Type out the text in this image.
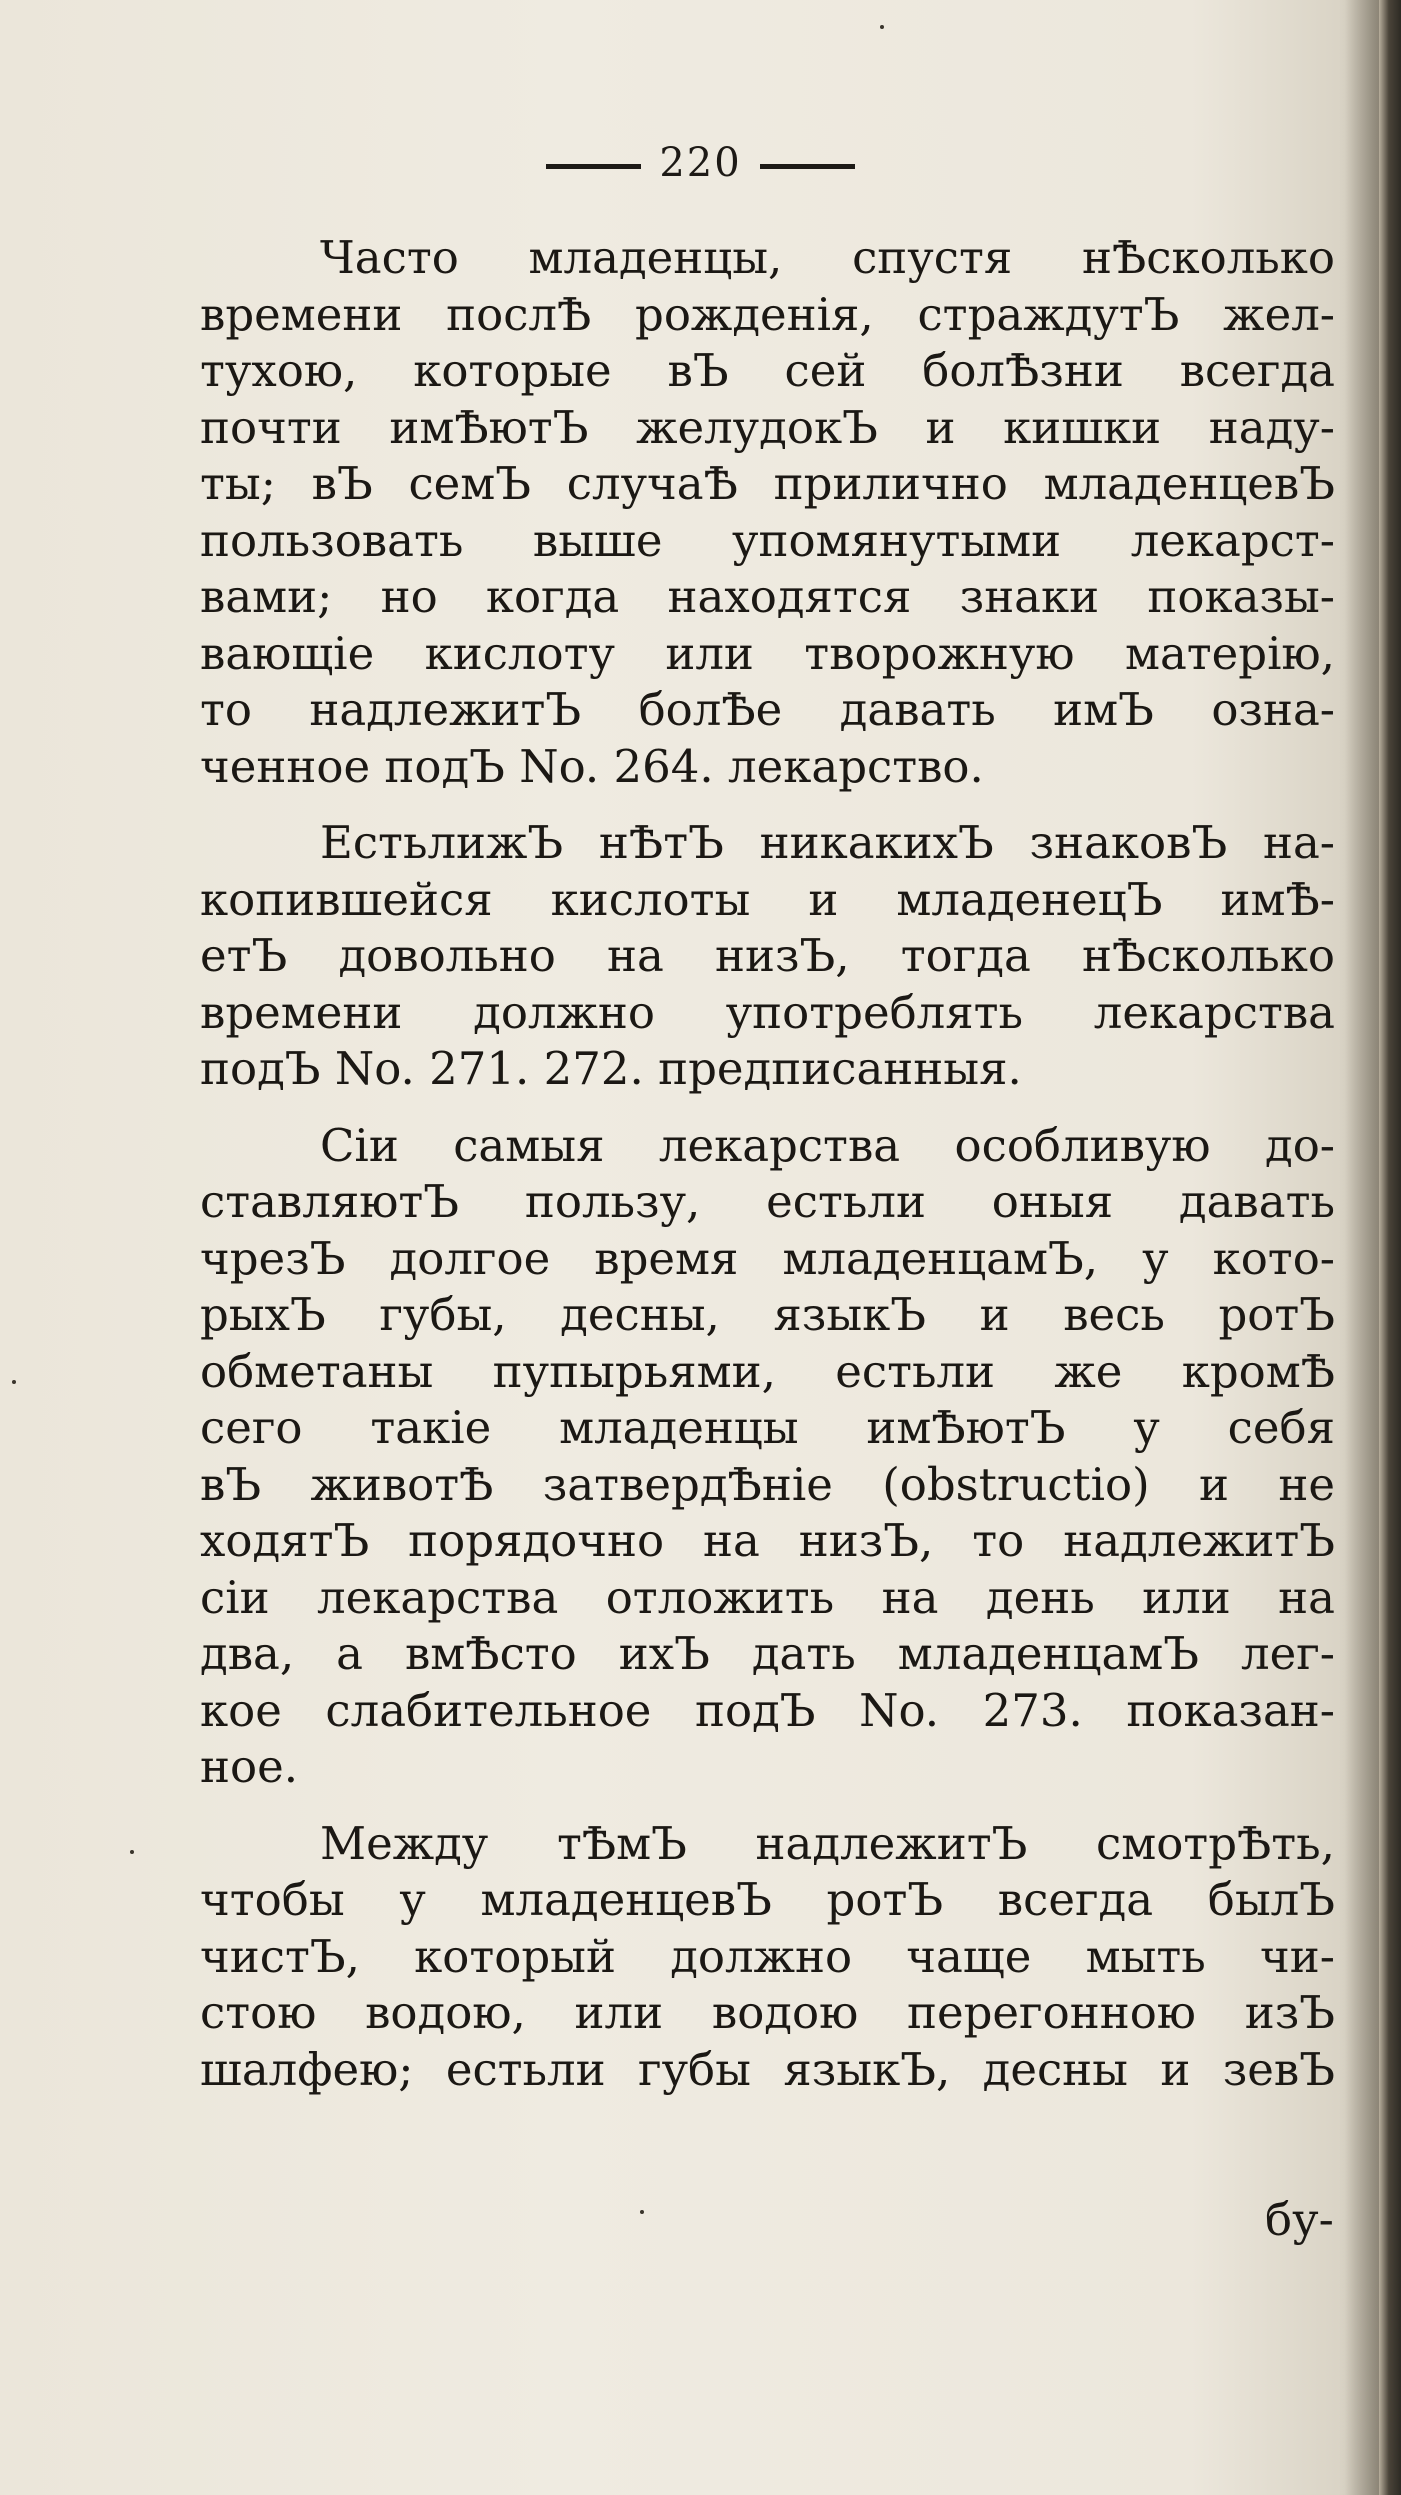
220
Часто младенцы, спустя нѢсколько
времени послѢ рожденія, страждутЪ жел-
тухою, которые вЪ сей болѢзни всегда
почти имѢютЪ желудокЪ и кишки наду-
ты; вЪ семЪ случаѢ прилично младенцевЪ
пользовать выше упомянутыми лекарст-
вами; но когда находятся знаки показы-
вающіе кислоту или творожную матерію,
то надлежитЪ болѢе давать имЪ озна-
ченное подЪ No. 264. лекарство.
ЕстьлижЪ нѢтЪ никакихЪ знаковЪ на-
копившейся кислоты и младенецЪ имѢ-
етЪ довольно на низЪ, тогда нѢсколько
времени должно употреблять лекарства
подЪ No. 271. 272. предписанныя.
Сіи самыя лекарства особливую до-
ставляютЪ пользу, естьли оныя давать
чрезЪ долгое время младенцамЪ, у кото-
рыхЪ губы, десны, языкЪ и весь ротЪ
обметаны пупырьями, естьли же кромѢ
сего такіе младенцы имѢютЪ у себя
вЪ животѢ затвердѢніе (obstructio) и не
ходятЪ порядочно на низЪ, то надлежитЪ
сіи лекарства отложить на день или на
два, а вмѢсто ихЪ дать младенцамЪ лег-
кое слабительное подЪ No. 273. показан-
ное.
Между тѢмЪ надлежитЪ смотрѢть,
чтобы у младенцевЪ ротЪ всегда былЪ
чистЪ, который должно чаще мыть чи-
стою водою, или водою перегонною изЪ
шалфею; естьли губы языкЪ, десны и зевЪ
бу-
